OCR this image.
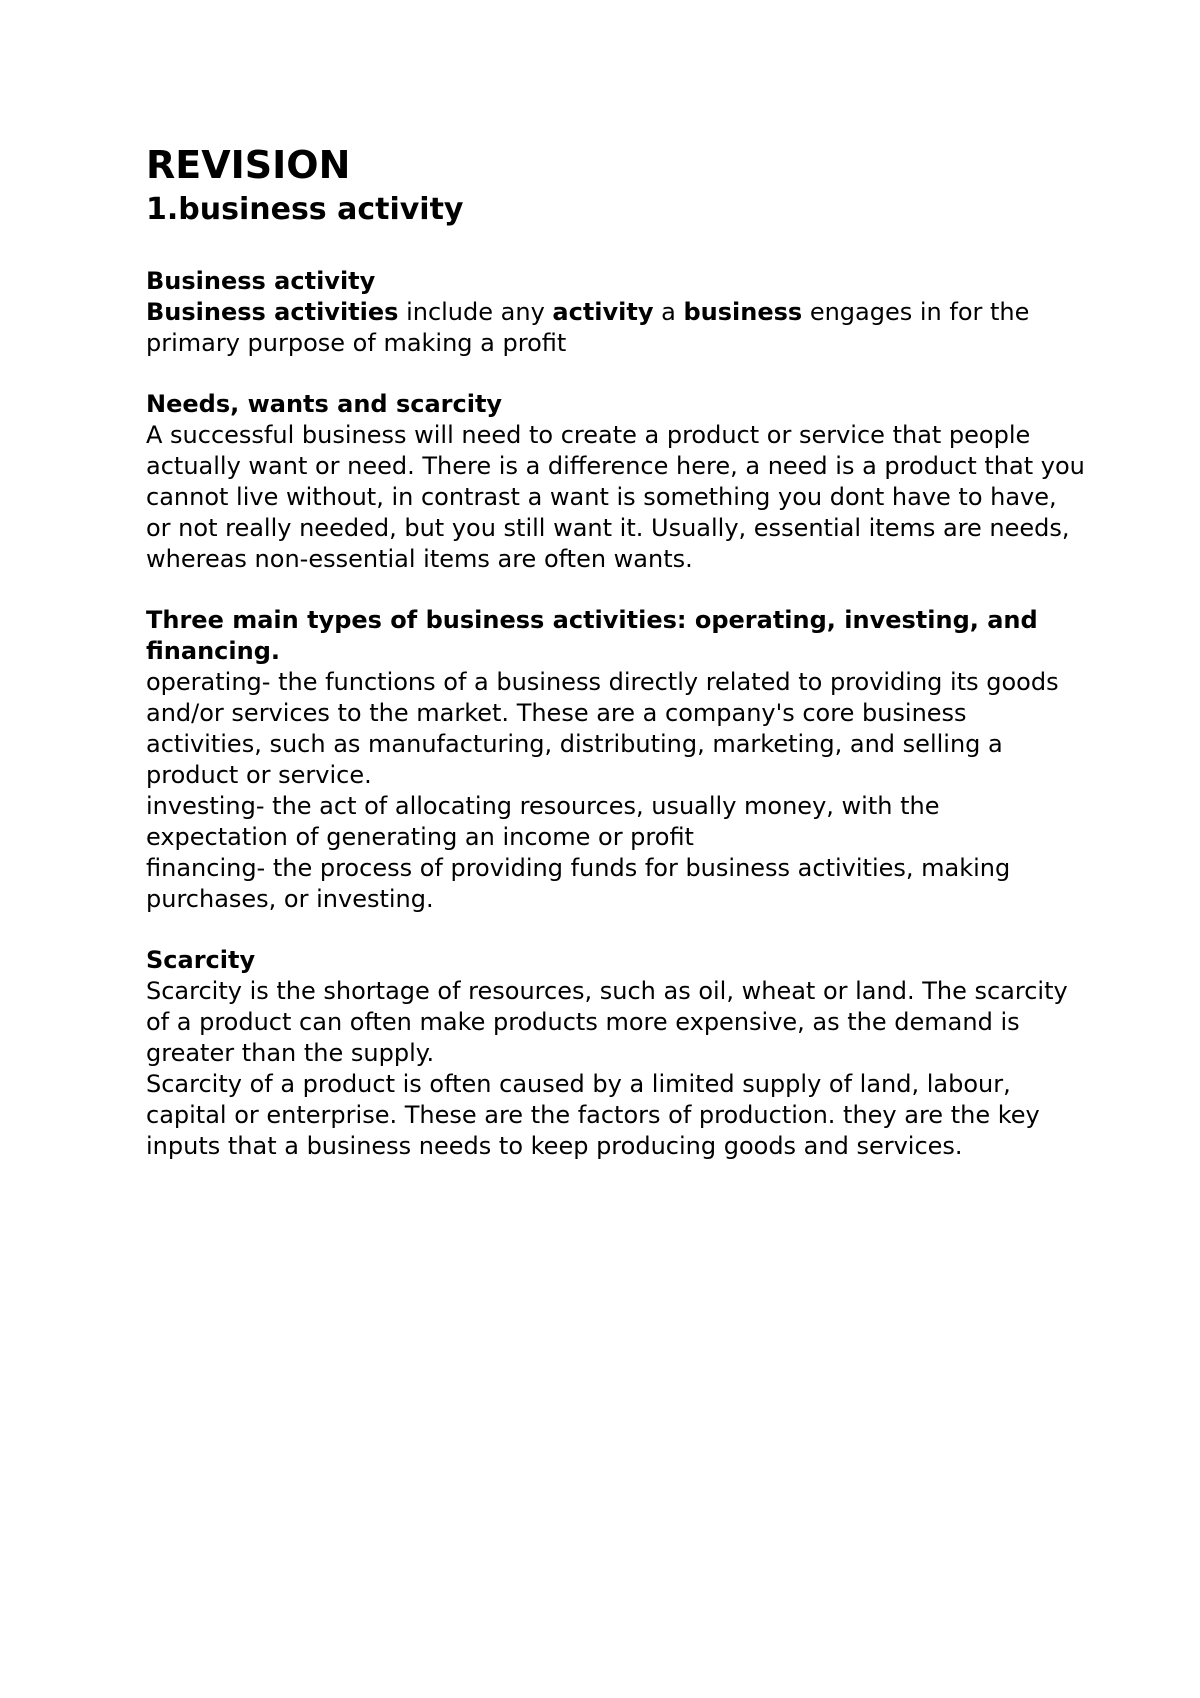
REVISION
1.business activity
Business activity

Business activities include any activity a business engages in for the primary purpose of making a profit

Needs, wants and scarcity

A successful business will need to create a product or service that people actually want or need. There is a difference here, a need is a product that you cannot live without, in contrast a want is something you dont have to have, or not really needed, but you still want it. Usually, essential items are needs, whereas non-essential items are often wants.

Three main types of business activities: operating, investing, and financing.

operating- the functions of a business directly related to providing its goods and/or services to the market. These are a company's core business activities, such as manufacturing, distributing, marketing, and selling a product or service.

investing- the act of allocating resources, usually money, with the expectation of generating an income or profit

financing- the process of providing funds for business activities, making purchases, or investing.

Scarcity

Scarcity is the shortage of resources, such as oil, wheat or land. The scarcity of a product can often make products more expensive, as the demand is greater than the supply.

Scarcity of a product is often caused by a limited supply of land, labour, capital or enterprise. These are the factors of production. they are the key inputs that a business needs to keep producing goods and services.
